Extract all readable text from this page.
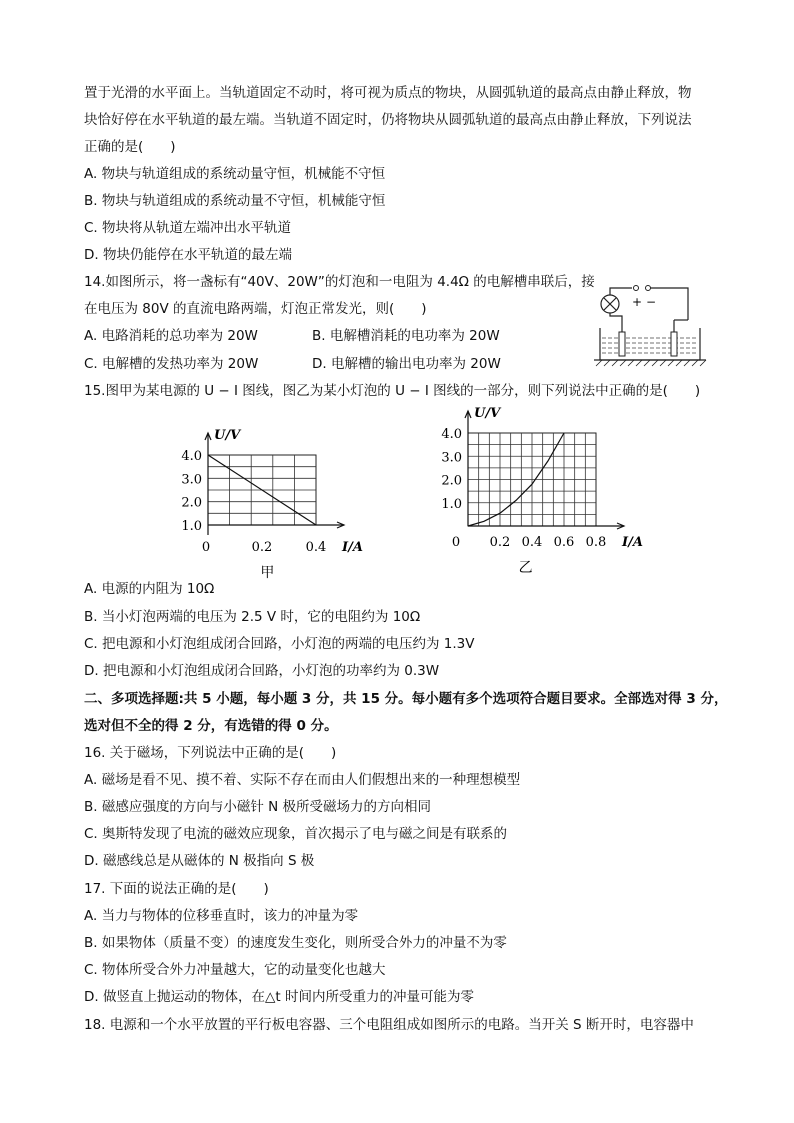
置于光滑的水平面上。当轨道固定不动时，将可视为质点的物块，从圆弧轨道的最高点由静止释放，物
块恰好停在水平轨道的最左端。当轨道不固定时，仍将物块从圆弧轨道的最高点由静止释放，下列说法
正确的是(　　)
A. 物块与轨道组成的系统动量守恒，机械能不守恒
B. 物块与轨道组成的系统动量不守恒，机械能守恒
C. 物块将从轨道左端冲出水平轨道
D. 物块仍能停在水平轨道的最左端
14.如图所示，将一盏标有“40V、20W”的灯泡和一电阻为 4.4Ω 的电解槽串联后，接
在电压为 80V 的直流电路两端，灯泡正常发光，则(　　)
A. 电路消耗的总功率为 20W	B. 电解槽消耗的电功率为 20W
C. 电解槽的发热功率为 20W	D. 电解槽的输出电功率为 20W
+ −
15.图甲为某电源的 U − I 图线，图乙为某小灯泡的 U − I 图线的一部分，则下列说法中正确的是(　　)
1.0
2.0
3.0
4.0
0.2	0.4
0
U/V
I/A
甲
1.0
2.0
3.0
4.0
0.2 0.4 0.6 0.8
0
U/V
I/A
乙
A. 电源的内阻为 10Ω
B. 当小灯泡两端的电压为 2.5 V 时，它的电阻约为 10Ω
C. 把电源和小灯泡组成闭合回路，小灯泡的两端的电压约为 1.3V
D. 把电源和小灯泡组成闭合回路，小灯泡的功率约为 0.3W
二、多项选择题:共 5 小题，每小题 3 分，共 15 分。每小题有多个选项符合题目要求。全部选对得 3 分，
选对但不全的得 2 分，有选错的得 0 分。
16. 关于磁场，下列说法中正确的是(　　)
A. 磁场是看不见、摸不着、实际不存在而由人们假想出来的一种理想模型
B. 磁感应强度的方向与小磁针 N 极所受磁场力的方向相同
C. 奥斯特发现了电流的磁效应现象，首次揭示了电与磁之间是有联系的
D. 磁感线总是从磁体的 N 极指向 S 极
17. 下面的说法正确的是(　　)
A. 当力与物体的位移垂直时，该力的冲量为零
B. 如果物体（质量不变）的速度发生变化，则所受合外力的冲量不为零
C. 物体所受合外力冲量越大，它的动量变化也越大
D. 做竖直上抛运动的物体，在△t 时间内所受重力的冲量可能为零
18. 电源和一个水平放置的平行板电容器、三个电阻组成如图所示的电路。当开关 S 断开时，电容器中
